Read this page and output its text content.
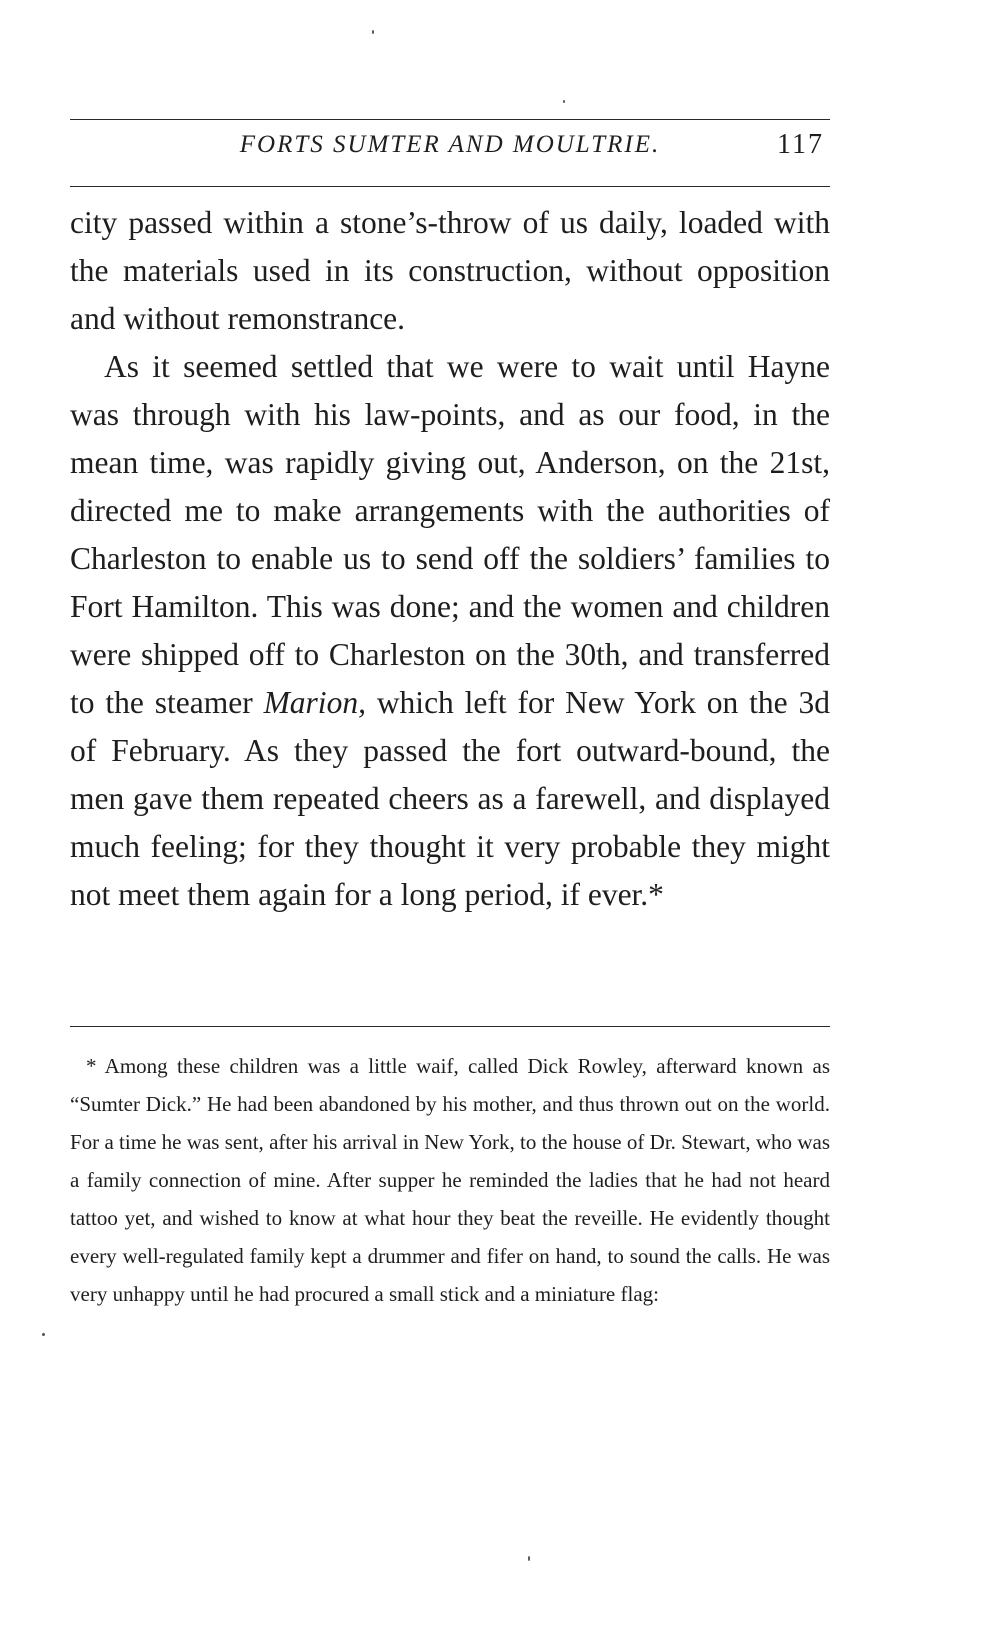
FORTS SUMTER AND MOULTRIE.	117

city passed within a stone’s-throw of us daily, loaded with the materials used in its construction, without opposition and without remonstrance.

As it seemed settled that we were to wait until Hayne was through with his law-points, and as our food, in the mean time, was rapidly giving out, Anderson, on the 21st, directed me to make arrangements with the authorities of Charleston to enable us to send off the soldiers’ families to Fort Hamilton. This was done; and the women and children were shipped off to Charleston on the 30th, and transferred to the steamer Marion, which left for New York on the 3d of February. As they passed the fort outward-bound, the men gave them repeated cheers as a farewell, and displayed much feeling; for they thought it very probable they might not meet them again for a long period, if ever.*

* Among these children was a little waif, called Dick Rowley, afterward known as “Sumter Dick.” He had been abandoned by his mother, and thus thrown out on the world. For a time he was sent, after his arrival in New York, to the house of Dr. Stewart, who was a family connection of mine. After supper he reminded the ladies that he had not heard tattoo yet, and wished to know at what hour they beat the reveille. He evidently thought every well-regulated family kept a drummer and fifer on hand, to sound the calls. He was very unhappy until he had procured a small stick and a miniature flag:
